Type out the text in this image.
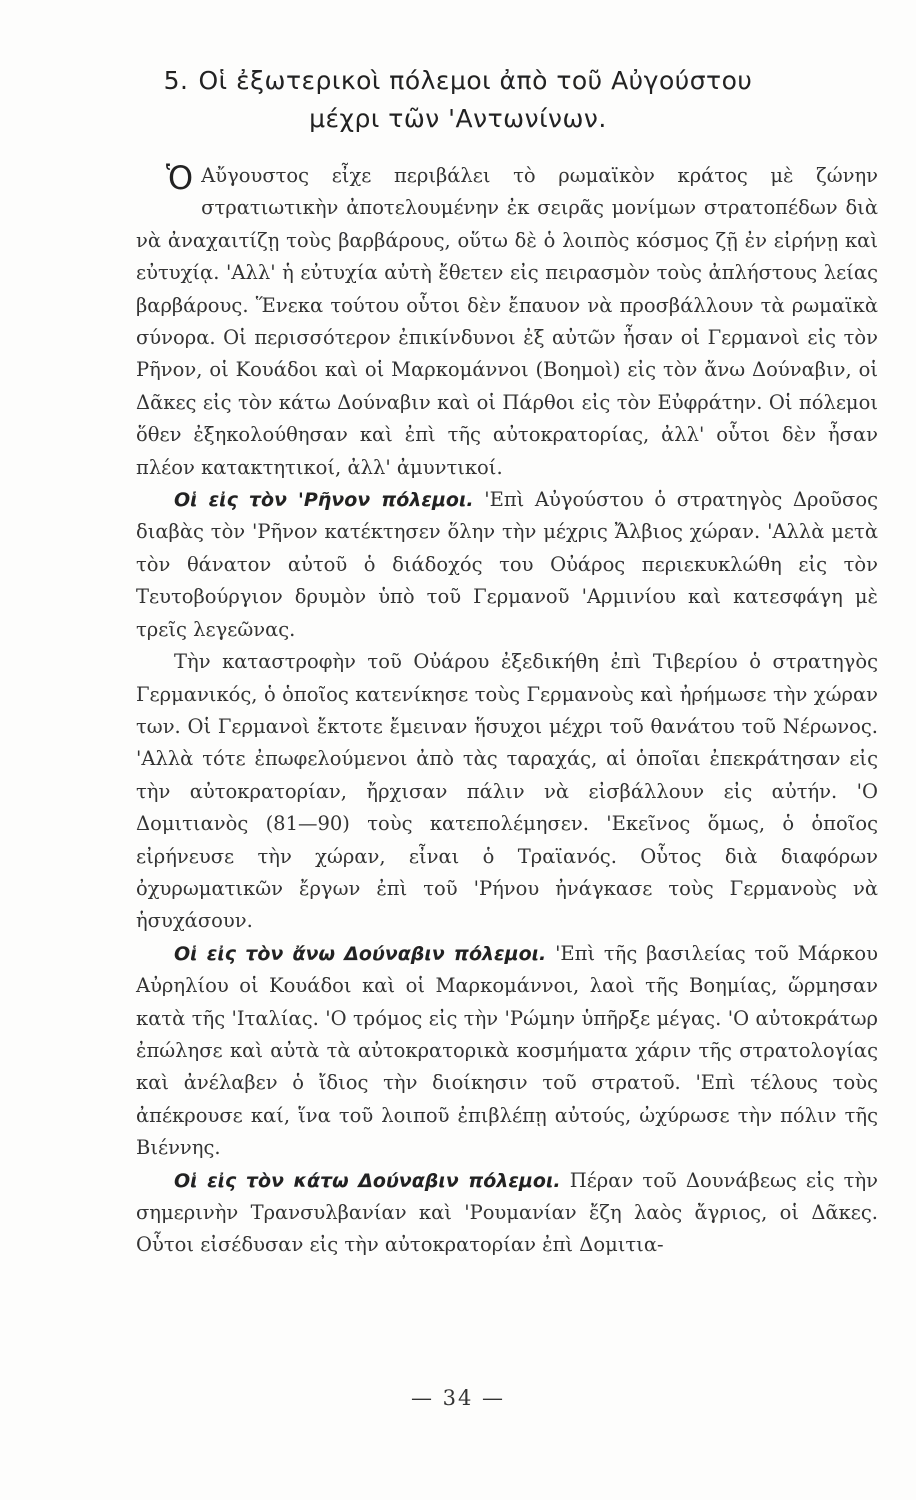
5. Οἱ ἐξωτερικοὶ πόλεμοι ἀπὸ τοῦ Αὐγούστου
μέχρι τῶν 'Αντωνίνων.

Ὁ Αὔγουστος εἶχε περιβάλει τὸ ρωμαϊκὸν κράτος μὲ ζώνην στρατιωτικὴν ἀποτελουμένην ἐκ σειρᾶς μονίμων στρατοπέδων διὰ νὰ ἀναχαιτίζῃ τοὺς βαρβάρους, οὕτω δὲ ὁ λοιπὸς κόσμος ζῇ ἐν εἰρήνῃ καὶ εὐτυχίᾳ. 'Αλλ' ἡ εὐτυχία αὐτὴ ἔθετεν εἰς πειρασμὸν τοὺς ἀπλήστους λείας βαρβάρους. Ἕνεκα τούτου οὗτοι δὲν ἔπαυον νὰ προσβάλλουν τὰ ρωμαϊκὰ σύνορα. Οἱ περισσότερον ἐπικίνδυνοι ἐξ αὐτῶν ἦσαν οἱ Γερμανοὶ εἰς τὸν Ρῆνον, οἱ Κουάδοι καὶ οἱ Μαρκομάννοι (Βοημοὶ) εἰς τὸν ἄνω Δούναβιν, οἱ Δᾶκες εἰς τὸν κάτω Δούναβιν καὶ οἱ Πάρθοι εἰς τὸν Εὐφράτην. Οἱ πόλεμοι ὅθεν ἐξηκολούθησαν καὶ ἐπὶ τῆς αὐτοκρατορίας, ἀλλ' οὗτοι δὲν ἦσαν πλέον κατακτητικοί, ἀλλ' ἀμυντικοί.

Οἱ εἰς τὸν 'Ρῆνον πόλεμοι. 'Επὶ Αὐγούστου ὁ στρατηγὸς Δροῦσος διαβὰς τὸν 'Ρῆνον κατέκτησεν ὅλην τὴν μέχρις Ἄλβιος χώραν. 'Αλλὰ μετὰ τὸν θάνατον αὐτοῦ ὁ διάδοχός του Οὐάρος περιεκυκλώθη εἰς τὸν Τευτοβούργιον δρυμὸν ὑπὸ τοῦ Γερμανοῦ 'Αρμινίου καὶ κατεσφάγη μὲ τρεῖς λεγεῶνας.

Τὴν καταστροφὴν τοῦ Οὐάρου ἐξεδικήθη ἐπὶ Τιβερίου ὁ στρατηγὸς Γερμανικός, ὁ ὁποῖος κατενίκησε τοὺς Γερμανοὺς καὶ ἠρήμωσε τὴν χώραν των. Οἱ Γερμανοὶ ἔκτοτε ἔμειναν ἥσυχοι μέχρι τοῦ θανάτου τοῦ Νέρωνος. 'Αλλὰ τότε ἐπωφελούμενοι ἀπὸ τὰς ταραχάς, αἱ ὁποῖαι ἐπεκράτησαν εἰς τὴν αὐτοκρατορίαν, ἤρχισαν πάλιν νὰ εἰσβάλλουν εἰς αὐτήν. 'Ο Δομιτιανὸς (81—90) τοὺς κατεπολέμησεν. 'Εκεῖνος ὅμως, ὁ ὁποῖος εἰρήνευσε τὴν χώραν, εἶναι ὁ Τραϊανός. Οὗτος διὰ διαφόρων ὀχυρωματικῶν ἔργων ἐπὶ τοῦ 'Ρήνου ἠνάγκασε τοὺς Γερμανοὺς νὰ ἡσυχάσουν.

Οἱ εἰς τὸν ἄνω Δούναβιν πόλεμοι. 'Επὶ τῆς βασιλείας τοῦ Μάρκου Αὐρηλίου οἱ Κουάδοι καὶ οἱ Μαρκομάννοι, λαοὶ τῆς Βοημίας, ὥρμησαν κατὰ τῆς 'Ιταλίας. 'Ο τρόμος εἰς τὴν 'Ρώμην ὑπῆρξε μέγας. 'Ο αὐτοκράτωρ ἐπώλησε καὶ αὐτὰ τὰ αὐτοκρατορικὰ κοσμήματα χάριν τῆς στρατολογίας καὶ ἀνέλαβεν ὁ ἴδιος τὴν διοίκησιν τοῦ στρατοῦ. 'Επὶ τέλους τοὺς ἀπέκρουσε καί, ἵνα τοῦ λοιποῦ ἐπιβλέπῃ αὐτούς, ὠχύρωσε τὴν πόλιν τῆς Βιέννης.

Οἱ εἰς τὸν κάτω Δούναβιν πόλεμοι. Πέραν τοῦ Δουνάβεως εἰς τὴν σημερινὴν Τρανσυλβανίαν καὶ 'Ρουμανίαν ἔζη λαὸς ἄγριος, οἱ Δᾶκες. Οὗτοι εἰσέδυσαν εἰς τὴν αὐτοκρατορίαν ἐπὶ Δομιτια-

— 34 —
